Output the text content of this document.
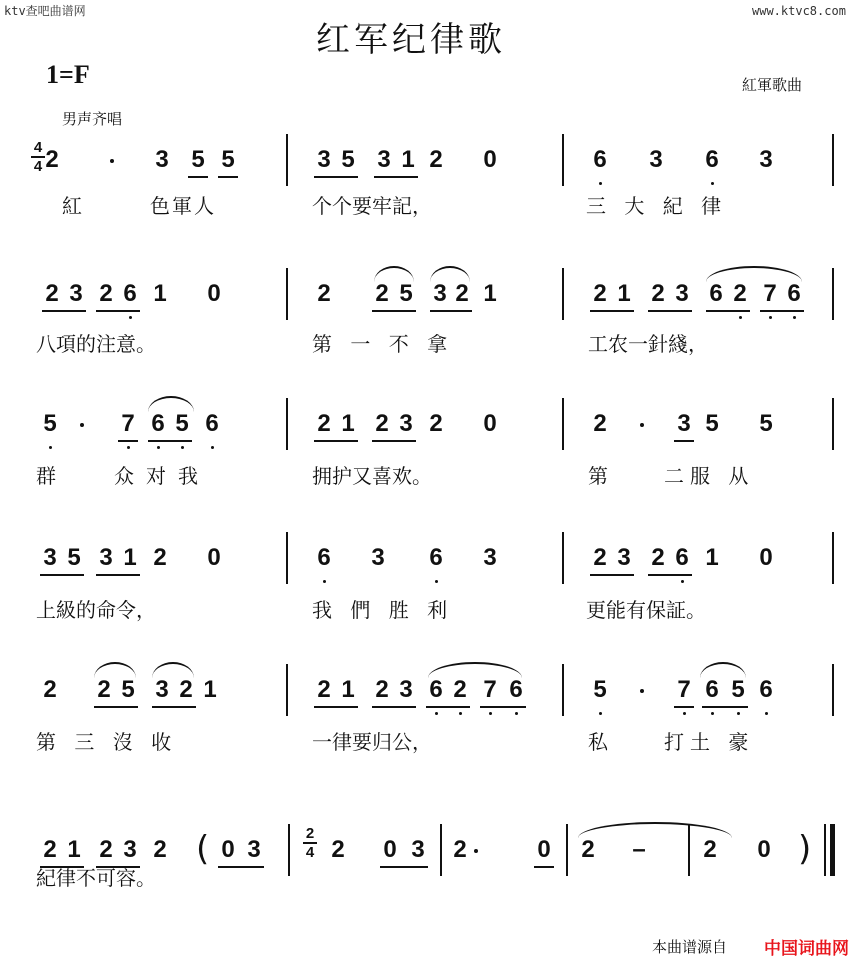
ktv查吧曲谱网	www.ktvc8.com
红军纪律歌
1=F	紅軍歌曲
男声齐唱
2	3 5 5	3 5 3 1 2 0	6 3 6 3
2 3 2 6 1 0	2 2 5 3 2 1	2 1 2 3 6 2 7 6
5	7 6 5 6	2 1 2 3 2 0	2	3 5 5
3 5 3 1 2 0	6 3 6 3	2 3 2 6 1 0
2 2 5 3 2 1	2 1 2 3 6 2 7 6	5	7 6 5 6
2 1 2 3 2 0 3	2 0 3 2	0 2	2 0
4
4
2
4	–
(	)
紅	色軍人	个个要牢記，	三 大 紀 律
八項的注意。	第 一 不 拿	工农一針綫，
群	众对我	拥护又喜欢。	第	二服 从
上級的命令，	我 們 胜 利	更能有保証。
第 三 沒 收	一律要归公，	私	打土 豪
紀律不可容。
本曲谱源自 中国词曲网
